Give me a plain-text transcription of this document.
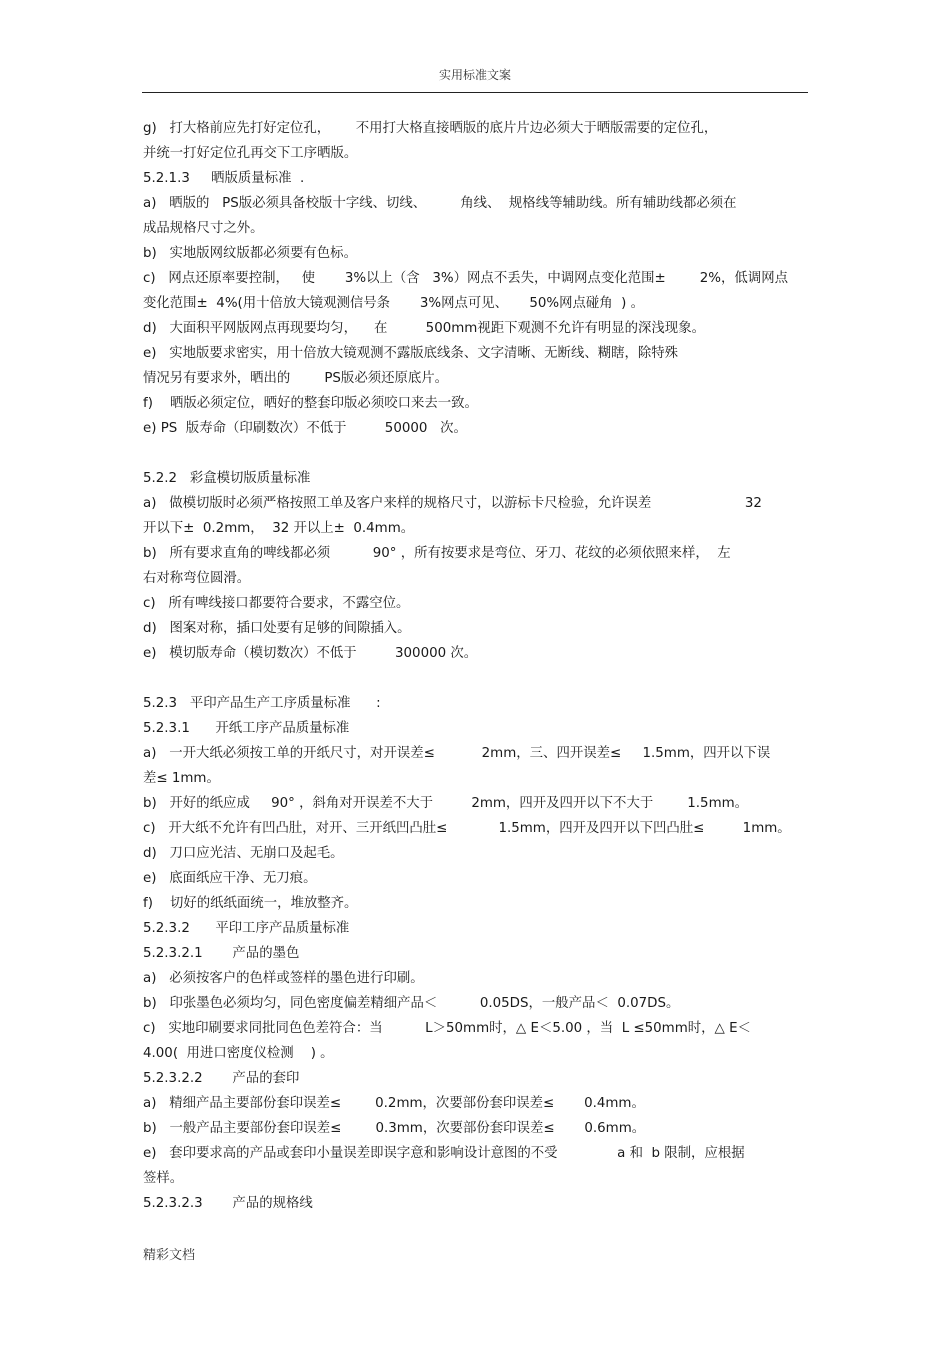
实用标准文案
g)   打大格前应先打好定位孔，      不用打大格直接晒版的底片片边必须大于晒版需要的定位孔，
并统一打好定位孔再交下工序晒版。
5.2.1.3     晒版质量标准  .
a)   晒版的   PS版必须具备校版十字线、切线、        角线、  规格线等辅助线。所有辅助线都必须在
成品规格尺寸之外。
b)   实地版网纹版都必须要有色标。
c)   网点还原率要控制，   使       3%以上（含   3%）网点不丢失，中调网点变化范围±        2%，低调网点
变化范围±  4%(用十倍放大镜观测信号条       3%网点可见、     50%网点碰角  ) 。
d)   大面积平网版网点再现要均匀，    在         500mm视距下观测不允许有明显的深浅现象。
e)   实地版要求密实，用十倍放大镜观测不露版底线条、文字清晰、无断线、糊瞎，除特殊
情况另有要求外，晒出的        PS版必须还原底片。
f)    晒版必须定位，晒好的整套印版必须咬口来去一致。
e) PS  版寿命（印刷数次）不低于         50000   次。
5.2.2   彩盒模切版质量标准
a)   做模切版时必须严格按照工单及客户来样的规格尺寸，以游标卡尺检验，允许误差                      32
开以下±  0.2mm，  32 开以上±  0.4mm。
b)   所有要求直角的啤线都必须          90° ，所有按要求是弯位、牙刀、花纹的必须依照来样，  左
右对称弯位圆滑。
c)   所有啤线接口都要符合要求，不露空位。
d)   图案对称，插口处要有足够的间隙插入。
e)   模切版寿命（模切数次）不低于         300000 次。
5.2.3   平印产品生产工序质量标准      :
5.2.3.1      开纸工序产品质量标准
a)   一开大纸必须按工单的开纸尺寸，对开误差≤           2mm，三、四开误差≤     1.5mm，四开以下误
差≤ 1mm。
b)   开好的纸应成     90° ，斜角对开误差不大于         2mm，四开及四开以下不大于        1.5mm。
c)   开大纸不允许有凹凸肚，对开、三开纸凹凸肚≤            1.5mm，四开及四开以下凹凸肚≤         1mm。
d)   刀口应光洁、无崩口及起毛。
e)   底面纸应干净、无刀痕。
f)    切好的纸纸面统一，堆放整齐。
5.2.3.2      平印工序产品质量标准
5.2.3.2.1       产品的墨色
a)   必须按客户的色样或签样的墨色进行印刷。
b)   印张墨色必须均匀，同色密度偏差精细产品＜          0.05DS，一般产品＜  0.07DS。
c)   实地印刷要求同批同色色差符合：当          L＞50mm时，△ E＜5.00 ，当  L ≤50mm时，△ E＜
4.00(  用进口密度仪检测    ) 。
5.2.3.2.2       产品的套印
a)   精细产品主要部份套印误差≤        0.2mm，次要部份套印误差≤       0.4mm。
b)   一般产品主要部份套印误差≤        0.3mm，次要部份套印误差≤       0.6mm。
e)   套印要求高的产品或套印小量误差即误字意和影响设计意图的不受              a 和  b 限制，应根据
签样。
5.2.3.2.3       产品的规格线
精彩文档
